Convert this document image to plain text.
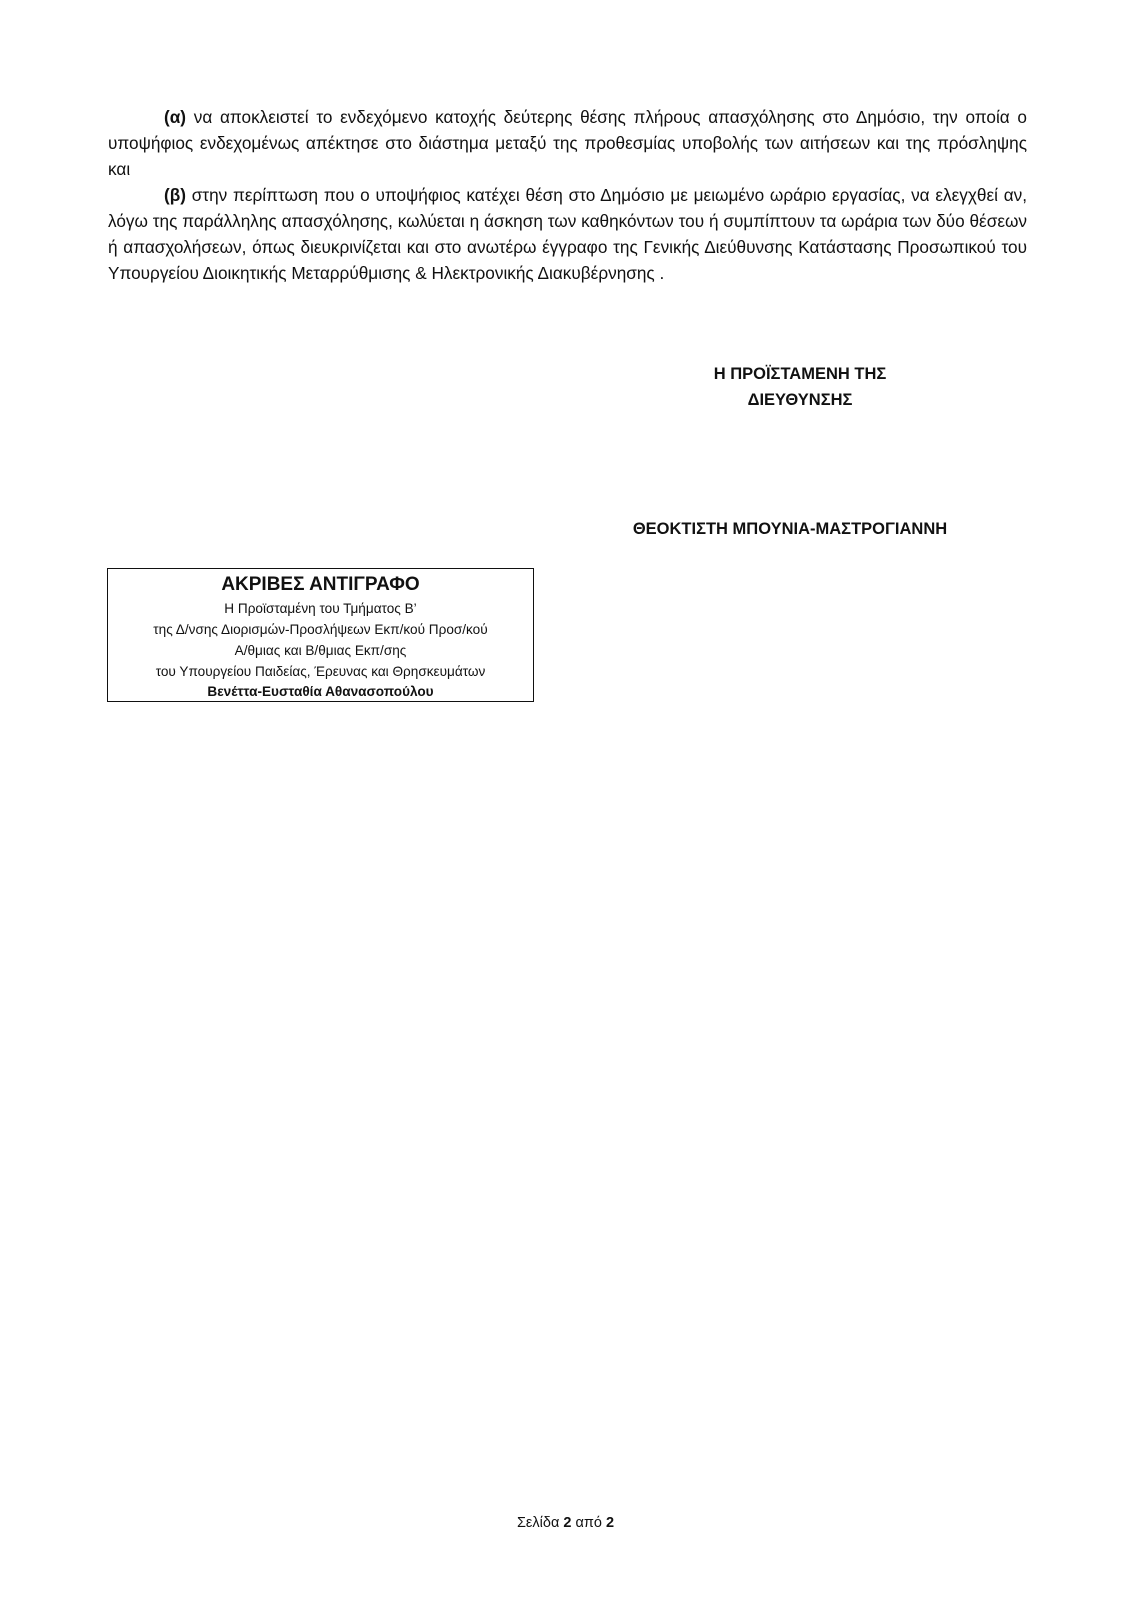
(α) να αποκλειστεί το ενδεχόμενο κατοχής δεύτερης θέσης πλήρους απασχόλησης στο Δημόσιο, την οποία ο υποψήφιος ενδεχομένως απέκτησε στο διάστημα μεταξύ της προθεσμίας υποβολής των αιτήσεων και της πρόσληψης και

(β) στην περίπτωση που ο υποψήφιος κατέχει θέση στο Δημόσιο με μειωμένο ωράριο εργασίας, να ελεγχθεί αν, λόγω της παράλληλης απασχόλησης, κωλύεται η άσκηση των καθηκόντων του ή συμπίπτουν τα ωράρια των δύο θέσεων ή απασχολήσεων, όπως διευκρινίζεται και στο ανωτέρω έγγραφο της Γενικής Διεύθυνσης Κατάστασης Προσωπικού του Υπουργείου Διοικητικής Μεταρρύθμισης & Ηλεκτρονικής Διακυβέρνησης .

Η ΠΡΟΪΣΤΑΜΕΝΗ ΤΗΣ
ΔΙΕΥΘΥΝΣΗΣ
ΘΕΟΚΤΙΣΤΗ ΜΠΟΥΝΙΑ-ΜΑΣΤΡΟΓΙΑΝΝΗ
ΑΚΡΙΒΕΣ ΑΝΤΙΓΡΑΦΟ
Η Προϊσταμένη του Τμήματος Β’
της Δ/νσης Διορισμών-Προσλήψεων Εκπ/κού Προσ/κού
Α/θμιας και Β/θμιας Εκπ/σης
του Υπουργείου Παιδείας, Έρευνας και Θρησκευμάτων
Βενέττα-Ευσταθία Αθανασοπούλου
Σελίδα 2 από 2
